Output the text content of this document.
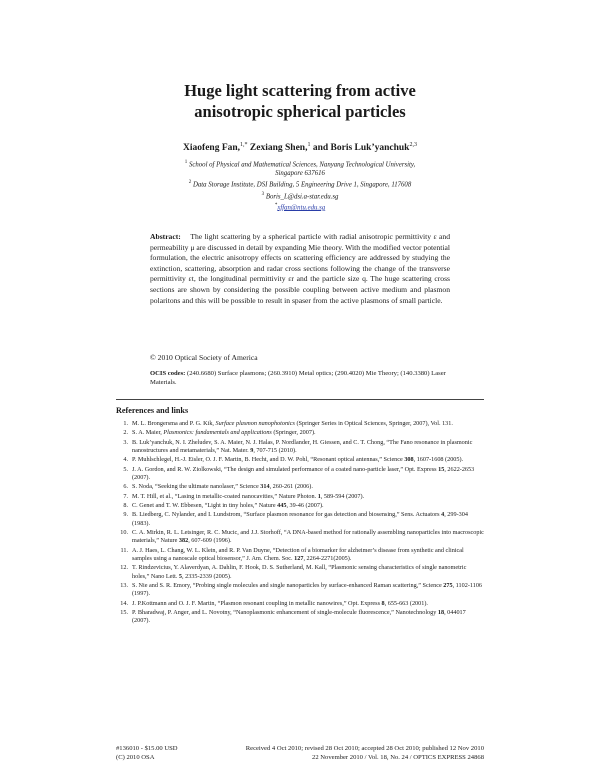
Huge light scattering from active
anisotropic spherical particles
Xiaofeng Fan,$^{1,*}$ Zexiang Shen,$^1$ and Boris Luk’yanchuk$^{2,3}$
$^1$ School of Physical and Mathematical Sciences, Nanyang Technological University,
Singapore 637616
$^2$ Data Storage Institute, DSI Building, 5 Engineering Drive 1, Singapore, 117608
$^3$ Boris_L@dsi.a-star.edu.sg
*xffan@ntu.edu.sg
Abstract: The light scattering by a spherical particle with radial anisotropic permittivity ε and permeability μ are discussed in detail by expanding Mie theory. With the modified vector potential formulation, the electric anisotropy effects on scattering efficiency are addressed by studying the extinction, scattering, absorption and radar cross sections following the change of the transverse permittivity εt, the longitudinal permittivity εr and the particle size q. The huge scattering cross sections are shown by considering the possible coupling between active medium and plasmon polaritons and this will be possible to result in spaser from the active plasmons of small particle.
© 2010 Optical Society of America
OCIS codes: (240.6680) Surface plasmons; (260.3910) Metal optics; (290.4020) Mie Theory; (140.3380) Laser Materials.
References and links
1. M. L. Brongersma and P. G. Kik, Surface plasmon nanophotonics (Springer Series in Optical Sciences, Springer, 2007), Vol. 131.
2. S. A. Maier, Plasmonics: fundamentals and applications (Springer, 2007).
3. B. Luk’yanchuk, N. I. Zheludev, S. A. Maier, N. J. Halas, P. Nordlander, H. Giessen, and C. T. Chong, “The Fano resonance in plasmonic nanostructures and metamaterials,” Nat. Mater. 9, 707-715 (2010).
4. P. Muhlschlegel, H.-J. Eisler, O. J. F. Martin, B. Hecht, and D. W. Pohl, “Resonant optical antennas,” Science 308, 1607-1608 (2005).
5. J. A. Gordon, and R. W. Ziolkowski, “The design and simulated performance of a coated nano-particle laser,” Opt. Express 15, 2622-2653 (2007).
6. S. Noda, “Seeking the ultimate nanolaser,” Science 314, 260-261 (2006).
7. M. T. Hill, et al., “Lasing in metallic-coated nanocavities,” Nature Photon. 1, 589-594 (2007).
8. C. Genet and T. W. Ebbesen, “Light in tiny holes,” Nature 445, 39-46 (2007).
9. B. Liedberg, C. Nylander, and I. Lundstrom, “Surface plasmon resonance for gas detection and biosensing,” Sens. Actuators 4, 299-304 (1983).
10. C. A. Mirkin, R. L. Letsinger, R. C. Mucic, and J.J. Storhoff, “A DNA-based method for rationally assembling nanoparticles into macroscopic materials,” Nature 382, 607-609 (1996).
11. A. J. Haes, L. Chang, W. L. Klein, and R. P. Van Duyne, “Detection of a biomarker for alzheimer’s disease from synthetic and clinical samples using a nanoscale optical biosensor,” J. Am. Chem. Soc. 127, 2264-2271(2005).
12. T. Rindzevicius, Y. Alaverdyan, A. Dahlin, F. Hook, D. S. Sutherland, M. Kall, “Plasmonic sensing characteristics of single nanometric holes,” Nano Lett. 5, 2335-2339 (2005).
13. S. Nie and S. R. Emory, “Probing single molecules and single nanoparticles by surface-enhanced Raman scattering,” Science 275, 1102-1106 (1997).
14. J. P.Kottmann and O. J. F. Martin, “Plasmon resonant coupling in metallic nanowires,” Opt. Express 8, 655-663 (2001).
15. P. Bharadwaj, P. Anger, and L. Novotny, “Nanoplasmonic enhancement of single-molecule fluorescence,” Nanotechnology 18, 044017 (2007).
#136010 - $15.00 USD	Received 4 Oct 2010; revised 28 Oct 2010; accepted 28 Oct 2010; published 12 Nov 2010
(C) 2010 OSA	22 November 2010 / Vol. 18, No. 24 / OPTICS EXPRESS 24868
